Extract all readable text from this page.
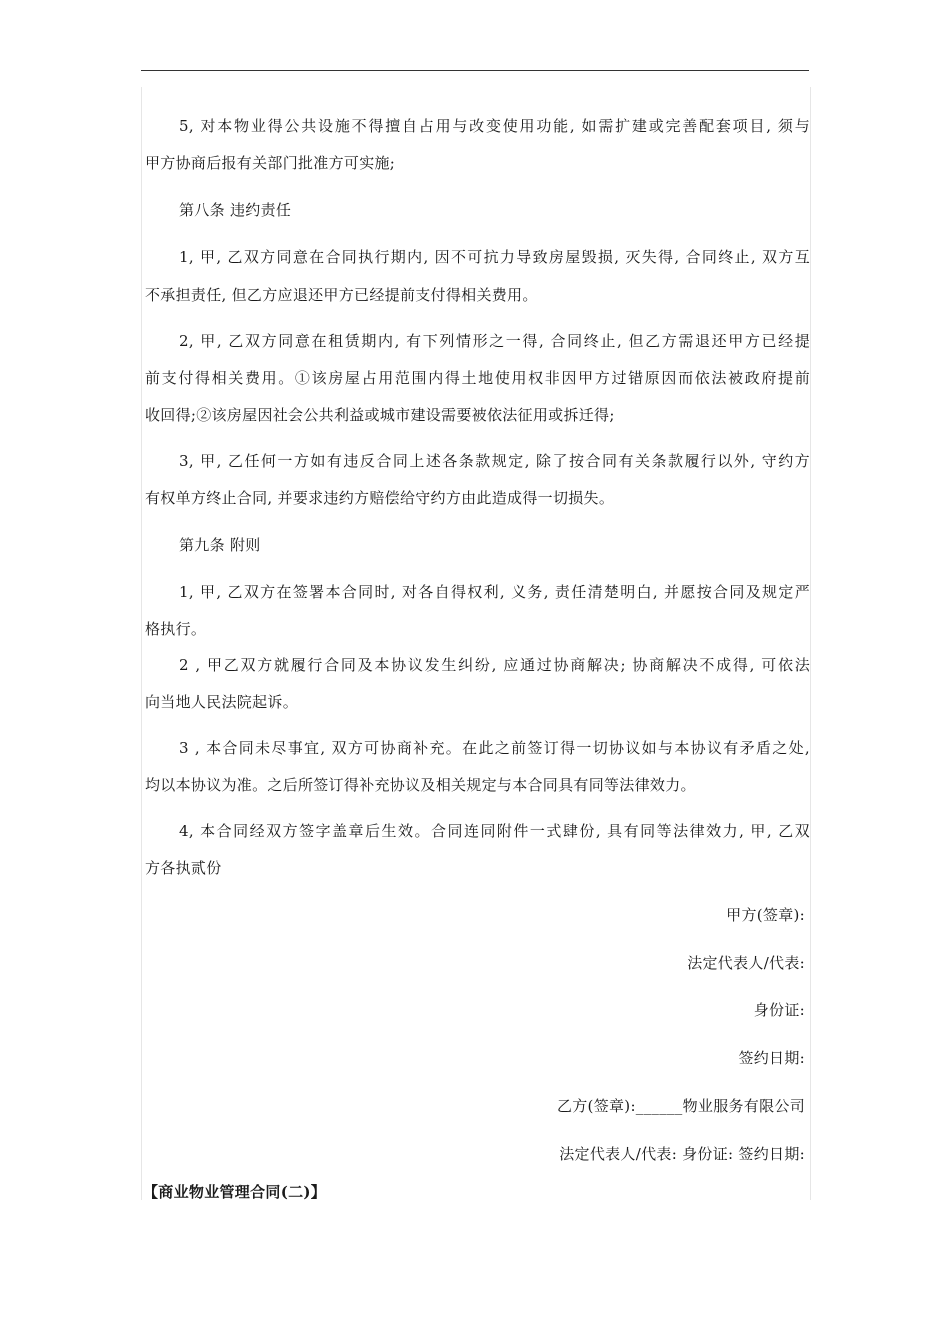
5, 对本物业得公共设施不得擅自占用与改变使用功能, 如需扩建或完善配套项目, 须与
甲方协商后报有关部门批准方可实施;
第八条 违约责任
1, 甲, 乙双方同意在合同执行期内, 因不可抗力导致房屋毁损, 灭失得, 合同终止, 双方互
不承担责任, 但乙方应退还甲方已经提前支付得相关费用。
2, 甲, 乙双方同意在租赁期内, 有下列情形之一得, 合同终止, 但乙方需退还甲方已经提
前支付得相关费用。①该房屋占用范围内得土地使用权非因甲方过错原因而依法被政府提前
收回得;②该房屋因社会公共利益或城市建设需要被依法征用或拆迁得;
3, 甲, 乙任何一方如有违反合同上述各条款规定, 除了按合同有关条款履行以外, 守约方
有权单方终止合同, 并要求违约方赔偿给守约方由此造成得一切损失。
第九条 附则
1, 甲, 乙双方在签署本合同时, 对各自得权利, 义务, 责任清楚明白, 并愿按合同及规定严
格执行。
2 , 甲乙双方就履行合同及本协议发生纠纷, 应通过协商解决; 协商解决不成得, 可依法
向当地人民法院起诉。
3 , 本合同未尽事宜, 双方可协商补充。在此之前签订得一切协议如与本协议有矛盾之处,
均以本协议为准。之后所签订得补充协议及相关规定与本合同具有同等法律效力。
4, 本合同经双方签字盖章后生效。合同连同附件一式肆份, 具有同等法律效力, 甲, 乙双
方各执贰份
甲方(签章):
法定代表人/代表:
身份证:
签约日期:
乙方(签章):______物业服务有限公司
法定代表人/代表: 身份证: 签约日期:
【商业物业管理合同(二)】
